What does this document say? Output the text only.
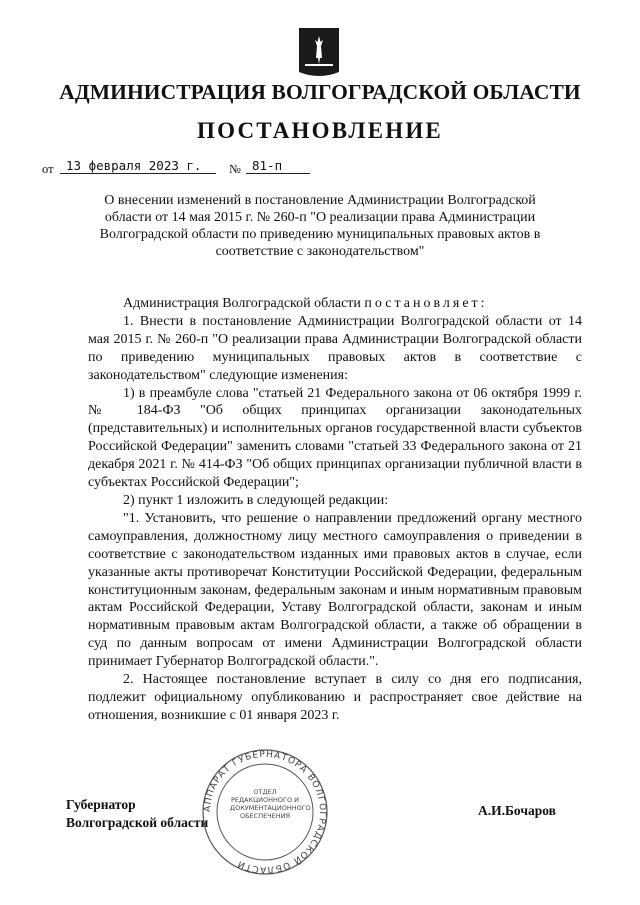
АДМИНИСТРАЦИЯ ВОЛГОГРАДСКОЙ ОБЛАСТИ
ПОСТАНОВЛЕНИЕ
от 13 февраля 2023 г.	№ 81-п
О внесении изменений в постановление Администрации Волгоградской области от 14 мая 2015 г. № 260-п "О реализации права Администрации Волгоградской области по приведению муниципальных правовых актов в соответствие с законодательством"

Администрация Волгоградской области постановляет:

1. Внести в постановление Администрации Волгоградской области от 14 мая 2015 г. № 260-п "О реализации права Администрации Волгоградской области по приведению муниципальных правовых актов в соответствие с законодательством" следующие изменения:

1) в преамбуле слова "статьей 21 Федерального закона от 06 октября 1999 г. № 184-ФЗ "Об общих принципах организации законодательных (представительных) и исполнительных органов государственной власти субъектов Российской Федерации" заменить словами "статьей 33 Федерального закона от 21 декабря 2021 г. № 414-ФЗ "Об общих принципах организации публичной власти в субъектах Российской Федерации";

2) пункт 1 изложить в следующей редакции:

"1. Установить, что решение о направлении предложений органу местного самоуправления, должностному лицу местного самоуправления о приведении в соответствие с законодательством изданных ими правовых актов в случае, если указанные акты противоречат Конституции Российской Федерации, федеральным конституционным законам, федеральным законам и иным нормативным правовым актам Российской Федерации, Уставу Волгоградской области, законам и иным нормативным правовым актам Волгоградской области, а также об обращении в суд по данным вопросам от имени Администрации Волгоградской области принимает Губернатор Волгоградской области.".

2. Настоящее постановление вступает в силу со дня его подписания, подлежит официальному опубликованию и распространяет свое действие на отношения, возникшие с 01 января 2023 г.

АППАРАТ ГУБЕРНАТОРА ВОЛГОГРАДСКОЙ ОБЛАСТИ
ОТДЕЛ РЕДАКЦИОННОГО И ДОКУМЕНТАЦИОННОГО ОБЕСПЕЧЕНИЯ
Губернатор
Волгоградской области
А.И.Бочаров
